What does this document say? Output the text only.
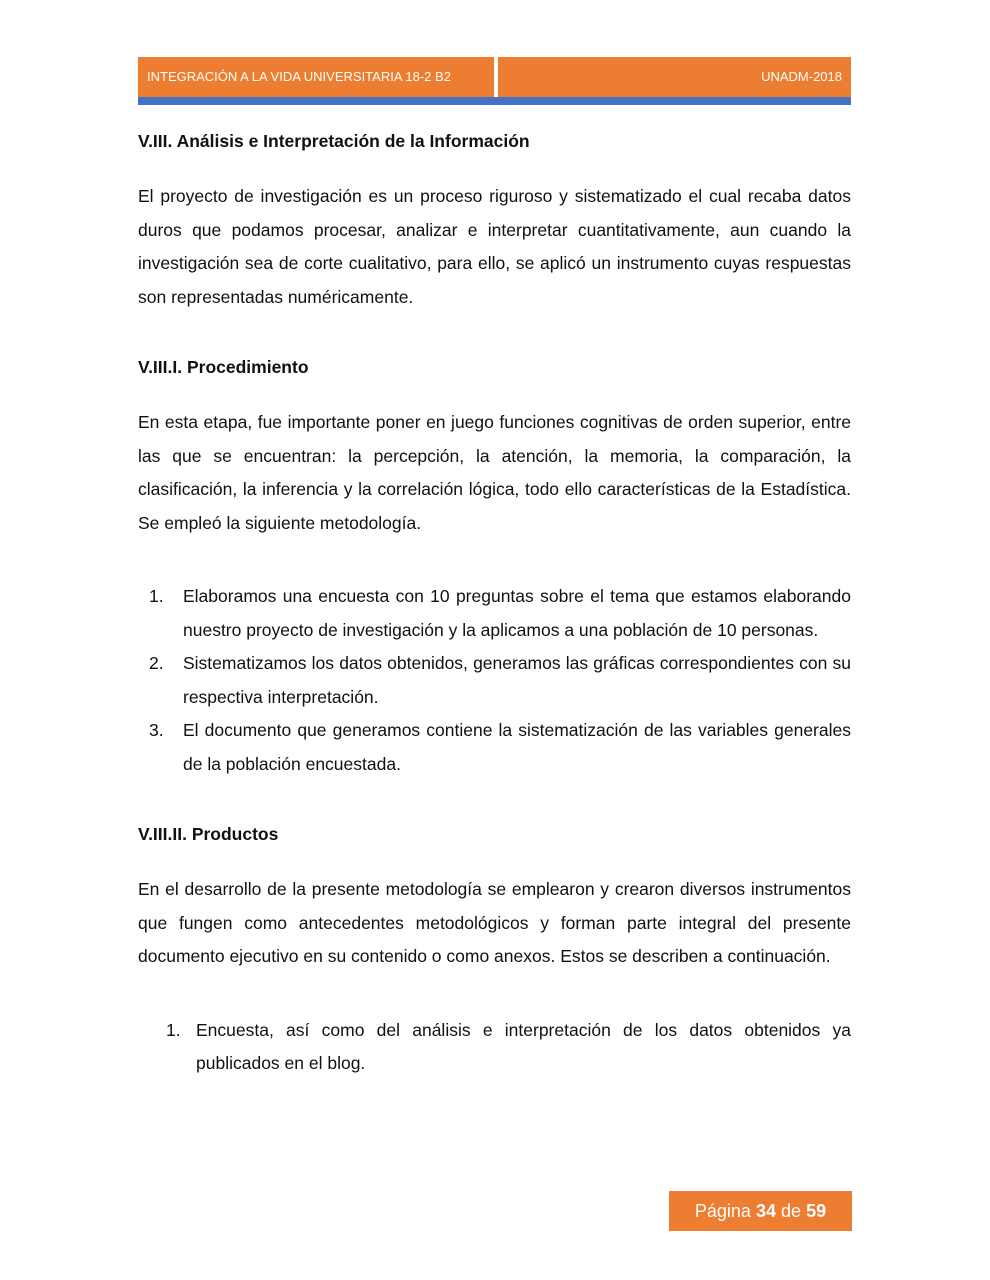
INTEGRACIÓN A LA VIDA UNIVERSITARIA 18-2 B2	UNADM-2018
V.III. Análisis e Interpretación de la Información

El proyecto de investigación es un proceso riguroso y sistematizado el cual recaba datos duros que podamos procesar, analizar e interpretar cuantitativamente, aun cuando la investigación sea de corte cualitativo, para ello, se aplicó un instrumento cuyas respuestas son representadas numéricamente.

V.III.I. Procedimiento

En esta etapa, fue importante poner en juego funciones cognitivas de orden superior, entre las que se encuentran: la percepción, la atención, la memoria, la comparación, la clasificación, la inferencia y la correlación lógica, todo ello características de la Estadística. Se empleó la siguiente metodología.

1. Elaboramos una encuesta con 10 preguntas sobre el tema que estamos elaborando nuestro proyecto de investigación y la aplicamos a una población de 10 personas.
2. Sistematizamos los datos obtenidos, generamos las gráficas correspondientes con su respectiva interpretación.
3. El documento que generamos contiene la sistematización de las variables generales de la población encuestada.
V.III.II. Productos

En el desarrollo de la presente metodología se emplearon y crearon diversos instrumentos que fungen como antecedentes metodológicos y forman parte integral del presente documento ejecutivo en su contenido o como anexos. Estos se describen a continuación.

1. Encuesta, así como del análisis e interpretación de los datos obtenidos ya publicados en el blog.
Página 34 de 59
